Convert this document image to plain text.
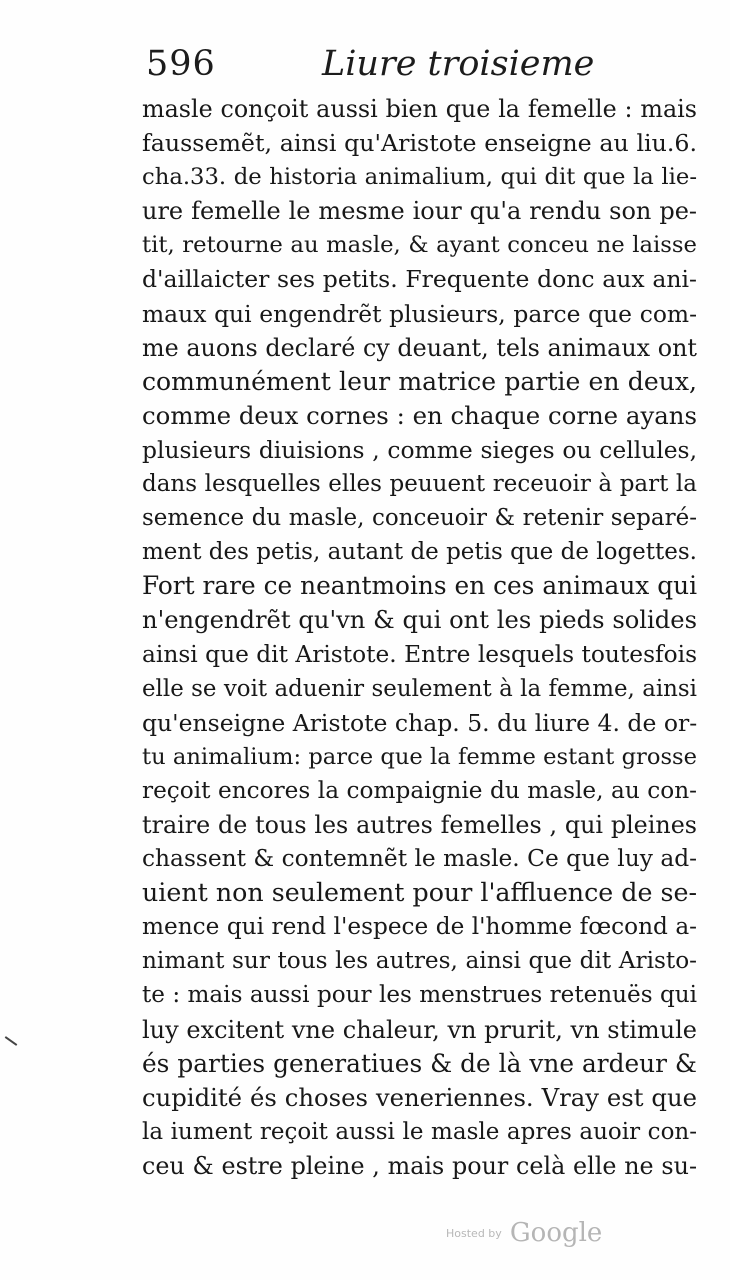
596	Liure troisieme
masle conçoit aussi bien que la femelle : mais
faussemẽt, ainsi qu'Aristote enseigne au liu.6.
cha.33. de historia animalium, qui dit que la lie-
ure femelle le mesme iour qu'a rendu son pe-
tit, retourne au masle, & ayant conceu ne laisse
d'aillaicter ses petits. Frequente donc aux ani-
maux qui engendrẽt plusieurs, parce que com-
me auons declaré cy deuant, tels animaux ont
communément leur matrice partie en deux,
comme deux cornes : en chaque corne ayans
plusieurs diuisions , comme sieges ou cellules,
dans lesquelles elles peuuent receuoir à part la
semence du masle, conceuoir & retenir separé-
ment des petis, autant de petis que de logettes.
Fort rare ce neantmoins en ces animaux qui
n'engendrẽt qu'vn & qui ont les pieds solides
ainsi que dit Aristote. Entre lesquels toutesfois
elle se voit aduenir seulement à la femme, ainsi
qu'enseigne Aristote chap. 5. du liure 4. de or-
tu animalium: parce que la femme estant grosse
reçoit encores la compaignie du masle, au con-
traire de tous les autres femelles , qui pleines
chassent & contemnẽt le masle. Ce que luy ad-
uient non seulement pour l'affluence de se-
mence qui rend l'espece de l'homme fœcond a-
nimant sur tous les autres, ainsi que dit Aristo-
te : mais aussi pour les menstrues retenuës qui
luy excitent vne chaleur, vn prurit, vn stimule
és parties generatiues & de là vne ardeur &
cupidité és choses veneriennes. Vray est que
la iument reçoit aussi le masle apres auoir con-
ceu & estre pleine , mais pour celà elle ne su-
Hosted by Google
